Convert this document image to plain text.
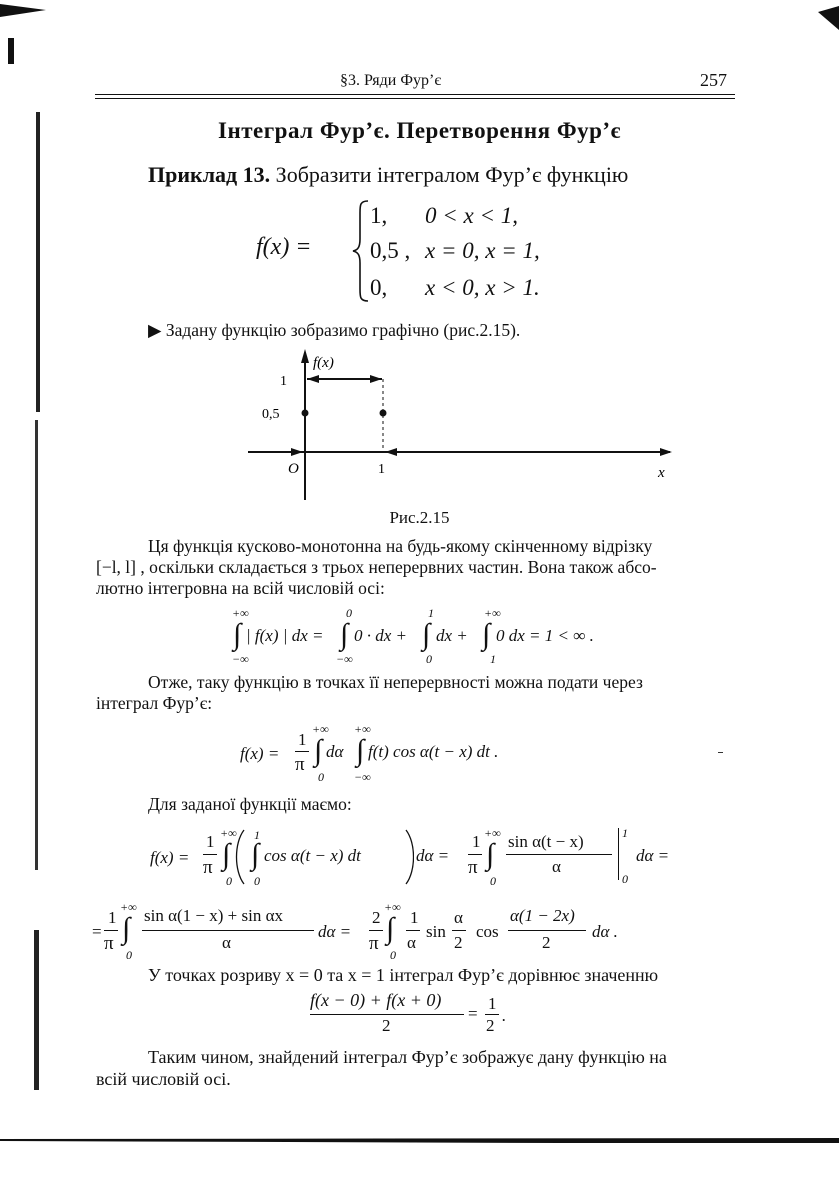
§3. Ряди Фур’є	257
Інтеграл Фур’є. Перетворення Фур’є
Приклад 13. Зобразити інтегралом Фур’є функцію
f(x) =
1, 0 < x < 1,
0,5 , x = 0, x = 1,
0, x < 0, x > 1.
▶ Задану функцію зобразимо графічно (рис.2.15).
f(x)
x
O
1
0,5
1
Рис.2.15
Ця функція кусково-монотонна на будь-якому скінченному відрізку
[−l, l] , оскільки складається з трьох неперервних частин. Вона також абсо-
лютно інтегровна на всій числовій осі:
+∞
∫
−∞
| f(x) | dx =
0
∫
−∞
0 · dx +
1
∫
0
dx +
+∞
∫
1
0 dx = 1 < ∞ .
Отже, таку функцію в точках її неперервності можна подати через
інтеграл Фур’є:
f(x) =
1
π
+∞
∫
0
dα
+∞
∫
−∞
f(t) cos α(t − x) dt .
Для заданої функції маємо:
f(x) =
1
π
+∞
∫
0
1
∫
0
cos α(t − x) dt	dα =
1
π
+∞
∫
0
sin α(t − x)
α
1
0
dα =
=
1
π
+∞
∫
0
sin α(1 − x) + sin αx
α
dα =
2
π
+∞
∫
0
1
α
sin
α
2
cos
α(1 − 2x)
2
dα .
У точках розриву x = 0 та x = 1 інтеграл Фур’є дорівнює значенню
f(x − 0) + f(x + 0)
2
=
1
2
.
Таким чином, знайдений інтеграл Фур’є зображує дану функцію на
всій числовій осі.
